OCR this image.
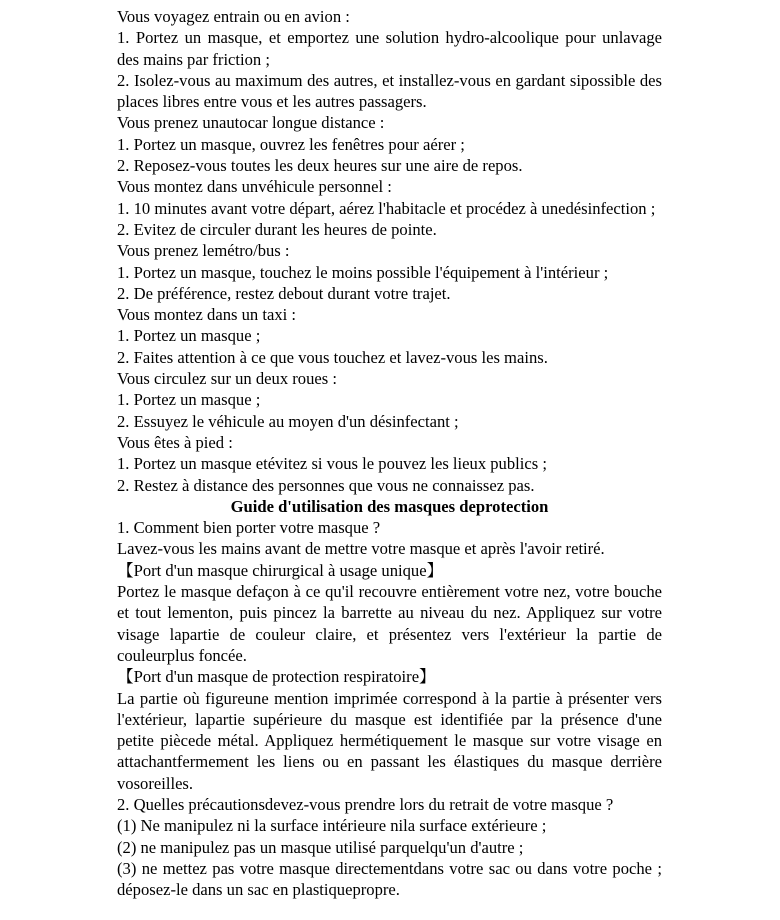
Vous voyagez entrain ou en avion :

1. Portez un masque, et emportez une solution hydro-alcoolique pour unlavage des mains par friction ;

2. Isolez-vous au maximum des autres, et installez-vous en gardant sipossible des places libres entre vous et les autres passagers.

Vous prenez unautocar longue distance :

1. Portez un masque, ouvrez les fenêtres pour aérer ;

2. Reposez-vous toutes les deux heures sur une aire de repos.

Vous montez dans unvéhicule personnel :

1. 10 minutes avant votre départ, aérez l'habitacle et procédez à unedésinfection ;

2. Evitez de circuler durant les heures de pointe.

Vous prenez lemétro/bus :

1. Portez un masque, touchez le moins possible l'équipement à l'intérieur ;

2. De préférence, restez debout durant votre trajet.

Vous montez dans un taxi :

1. Portez un masque ;

2. Faites attention à ce que vous touchez et lavez-vous les mains.

Vous circulez sur un deux roues :

1. Portez un masque ;

2. Essuyez le véhicule au moyen d'un désinfectant ;

Vous êtes à pied :

1. Portez un masque etévitez si vous le pouvez les lieux publics ;

2. Restez à distance des personnes que vous ne connaissez pas.

Guide d'utilisation des masques deprotection

1. Comment bien porter votre masque ?

Lavez-vous les mains avant de mettre votre masque et après l'avoir retiré.

【Port d'un masque chirurgical à usage unique】

Portez le masque defaçon à ce qu'il recouvre entièrement votre nez, votre bouche et tout lementon, puis pincez la barrette au niveau du nez. Appliquez sur votre visage lapartie de couleur claire, et présentez vers l'extérieur la partie de couleurplus foncée.

【Port d'un masque de protection respiratoire】

La partie où figureune mention imprimée correspond à la partie à présenter vers l'extérieur, lapartie supérieure du masque est identifiée par la présence d'une petite piècede métal. Appliquez hermétiquement le masque sur votre visage en attachantfermement les liens ou en passant les élastiques du masque derrière vosoreilles.

2. Quelles précautionsdevez-vous prendre lors du retrait de votre masque ?

(1) Ne manipulez ni la surface intérieure nila surface extérieure ;

(2) ne manipulez pas un masque utilisé parquelqu'un d'autre ;

(3) ne mettez pas votre masque directementdans votre sac ou dans votre poche ; déposez-le dans un sac en plastiquepropre.
